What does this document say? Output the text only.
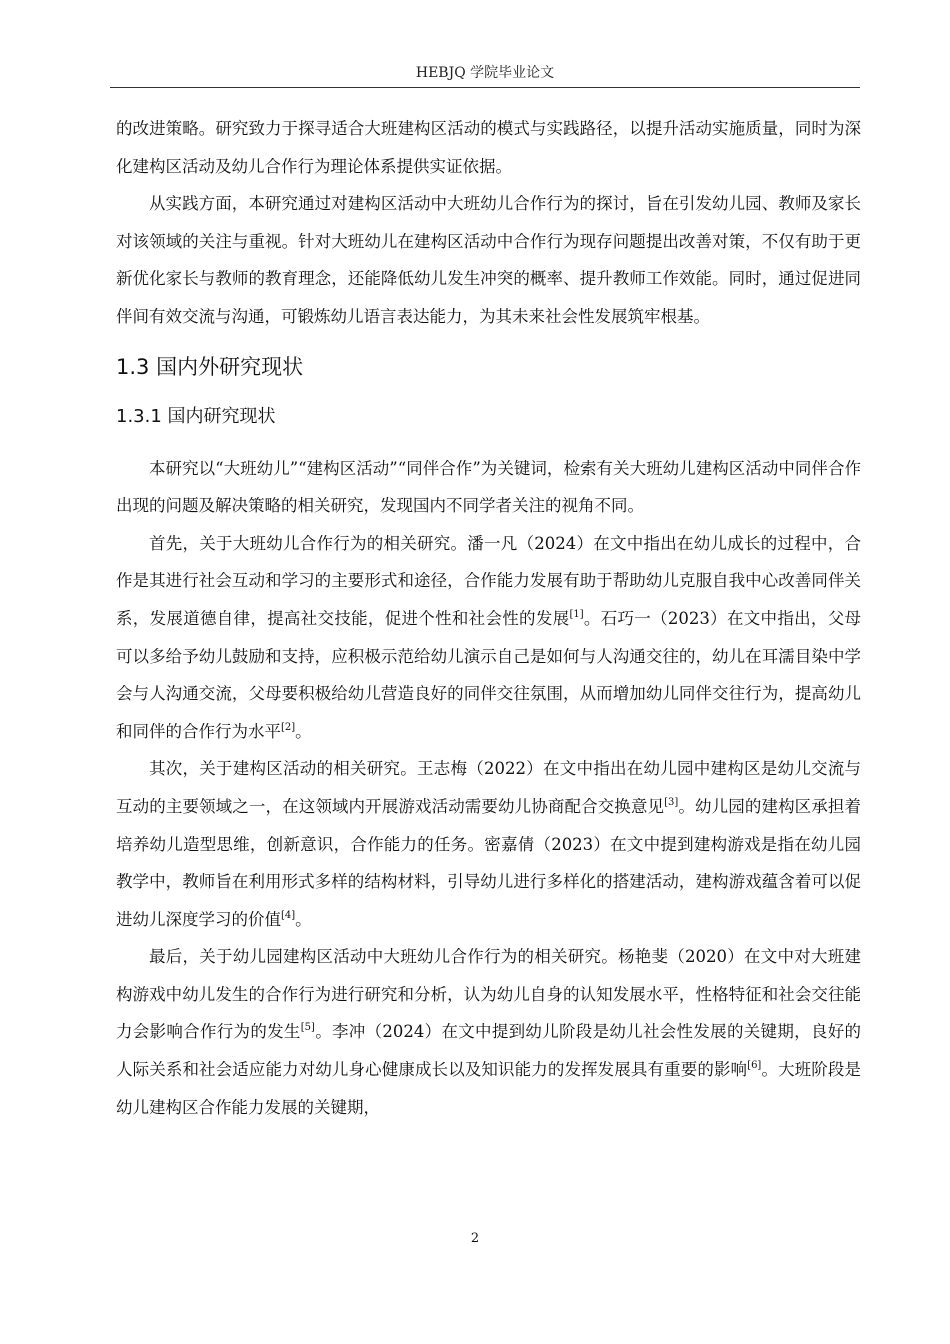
HEBJQ 学院毕业论文

的改进策略。研究致力于探寻适合大班建构区活动的模式与实践路径，以提升活动实施质量，同时为深化建构区活动及幼儿合作行为理论体系提供实证依据。

从实践方面，本研究通过对建构区活动中大班幼儿合作行为的探讨，旨在引发幼儿园、教师及家长对该领域的关注与重视。针对大班幼儿在建构区活动中合作行为现存问题提出改善对策，不仅有助于更新优化家长与教师的教育理念，还能降低幼儿发生冲突的概率、提升教师工作效能。同时，通过促进同伴间有效交流与沟通，可锻炼幼儿语言表达能力，为其未来社会性发展筑牢根基。

1.3 国内外研究现状
1.3.1 国内研究现状

本研究以“大班幼儿”“建构区活动”“同伴合作”为关键词，检索有关大班幼儿建构区活动中同伴合作出现的问题及解决策略的相关研究，发现国内不同学者关注的视角不同。

首先，关于大班幼儿合作行为的相关研究。潘一凡（2024）在文中指出在幼儿成长的过程中，合作是其进行社会互动和学习的主要形式和途径，合作能力发展有助于帮助幼儿克服自我中心改善同伴关系，发展道德自律，提高社交技能，促进个性和社会性的发展[1]。石巧一（2023）在文中指出，父母可以多给予幼儿鼓励和支持，应积极示范给幼儿演示自己是如何与人沟通交往的，幼儿在耳濡目染中学会与人沟通交流，父母要积极给幼儿营造良好的同伴交往氛围，从而增加幼儿同伴交往行为，提高幼儿和同伴的合作行为水平[2]。

其次，关于建构区活动的相关研究。王志梅（2022）在文中指出在幼儿园中建构区是幼儿交流与互动的主要领域之一，在这领域内开展游戏活动需要幼儿协商配合交换意见[3]。幼儿园的建构区承担着培养幼儿造型思维，创新意识，合作能力的任务。密嘉倩（2023）在文中提到建构游戏是指在幼儿园教学中，教师旨在利用形式多样的结构材料，引导幼儿进行多样化的搭建活动，建构游戏蕴含着可以促进幼儿深度学习的价值[4]。

最后，关于幼儿园建构区活动中大班幼儿合作行为的相关研究。杨艳斐（2020）在文中对大班建构游戏中幼儿发生的合作行为进行研究和分析，认为幼儿自身的认知发展水平，性格特征和社会交往能力会影响合作行为的发生[5]。李冲（2024）在文中提到幼儿阶段是幼儿社会性发展的关键期，良好的人际关系和社会适应能力对幼儿身心健康成长以及知识能力的发挥发展具有重要的影响[6]。大班阶段是幼儿建构区合作能力发展的关键期，

2
